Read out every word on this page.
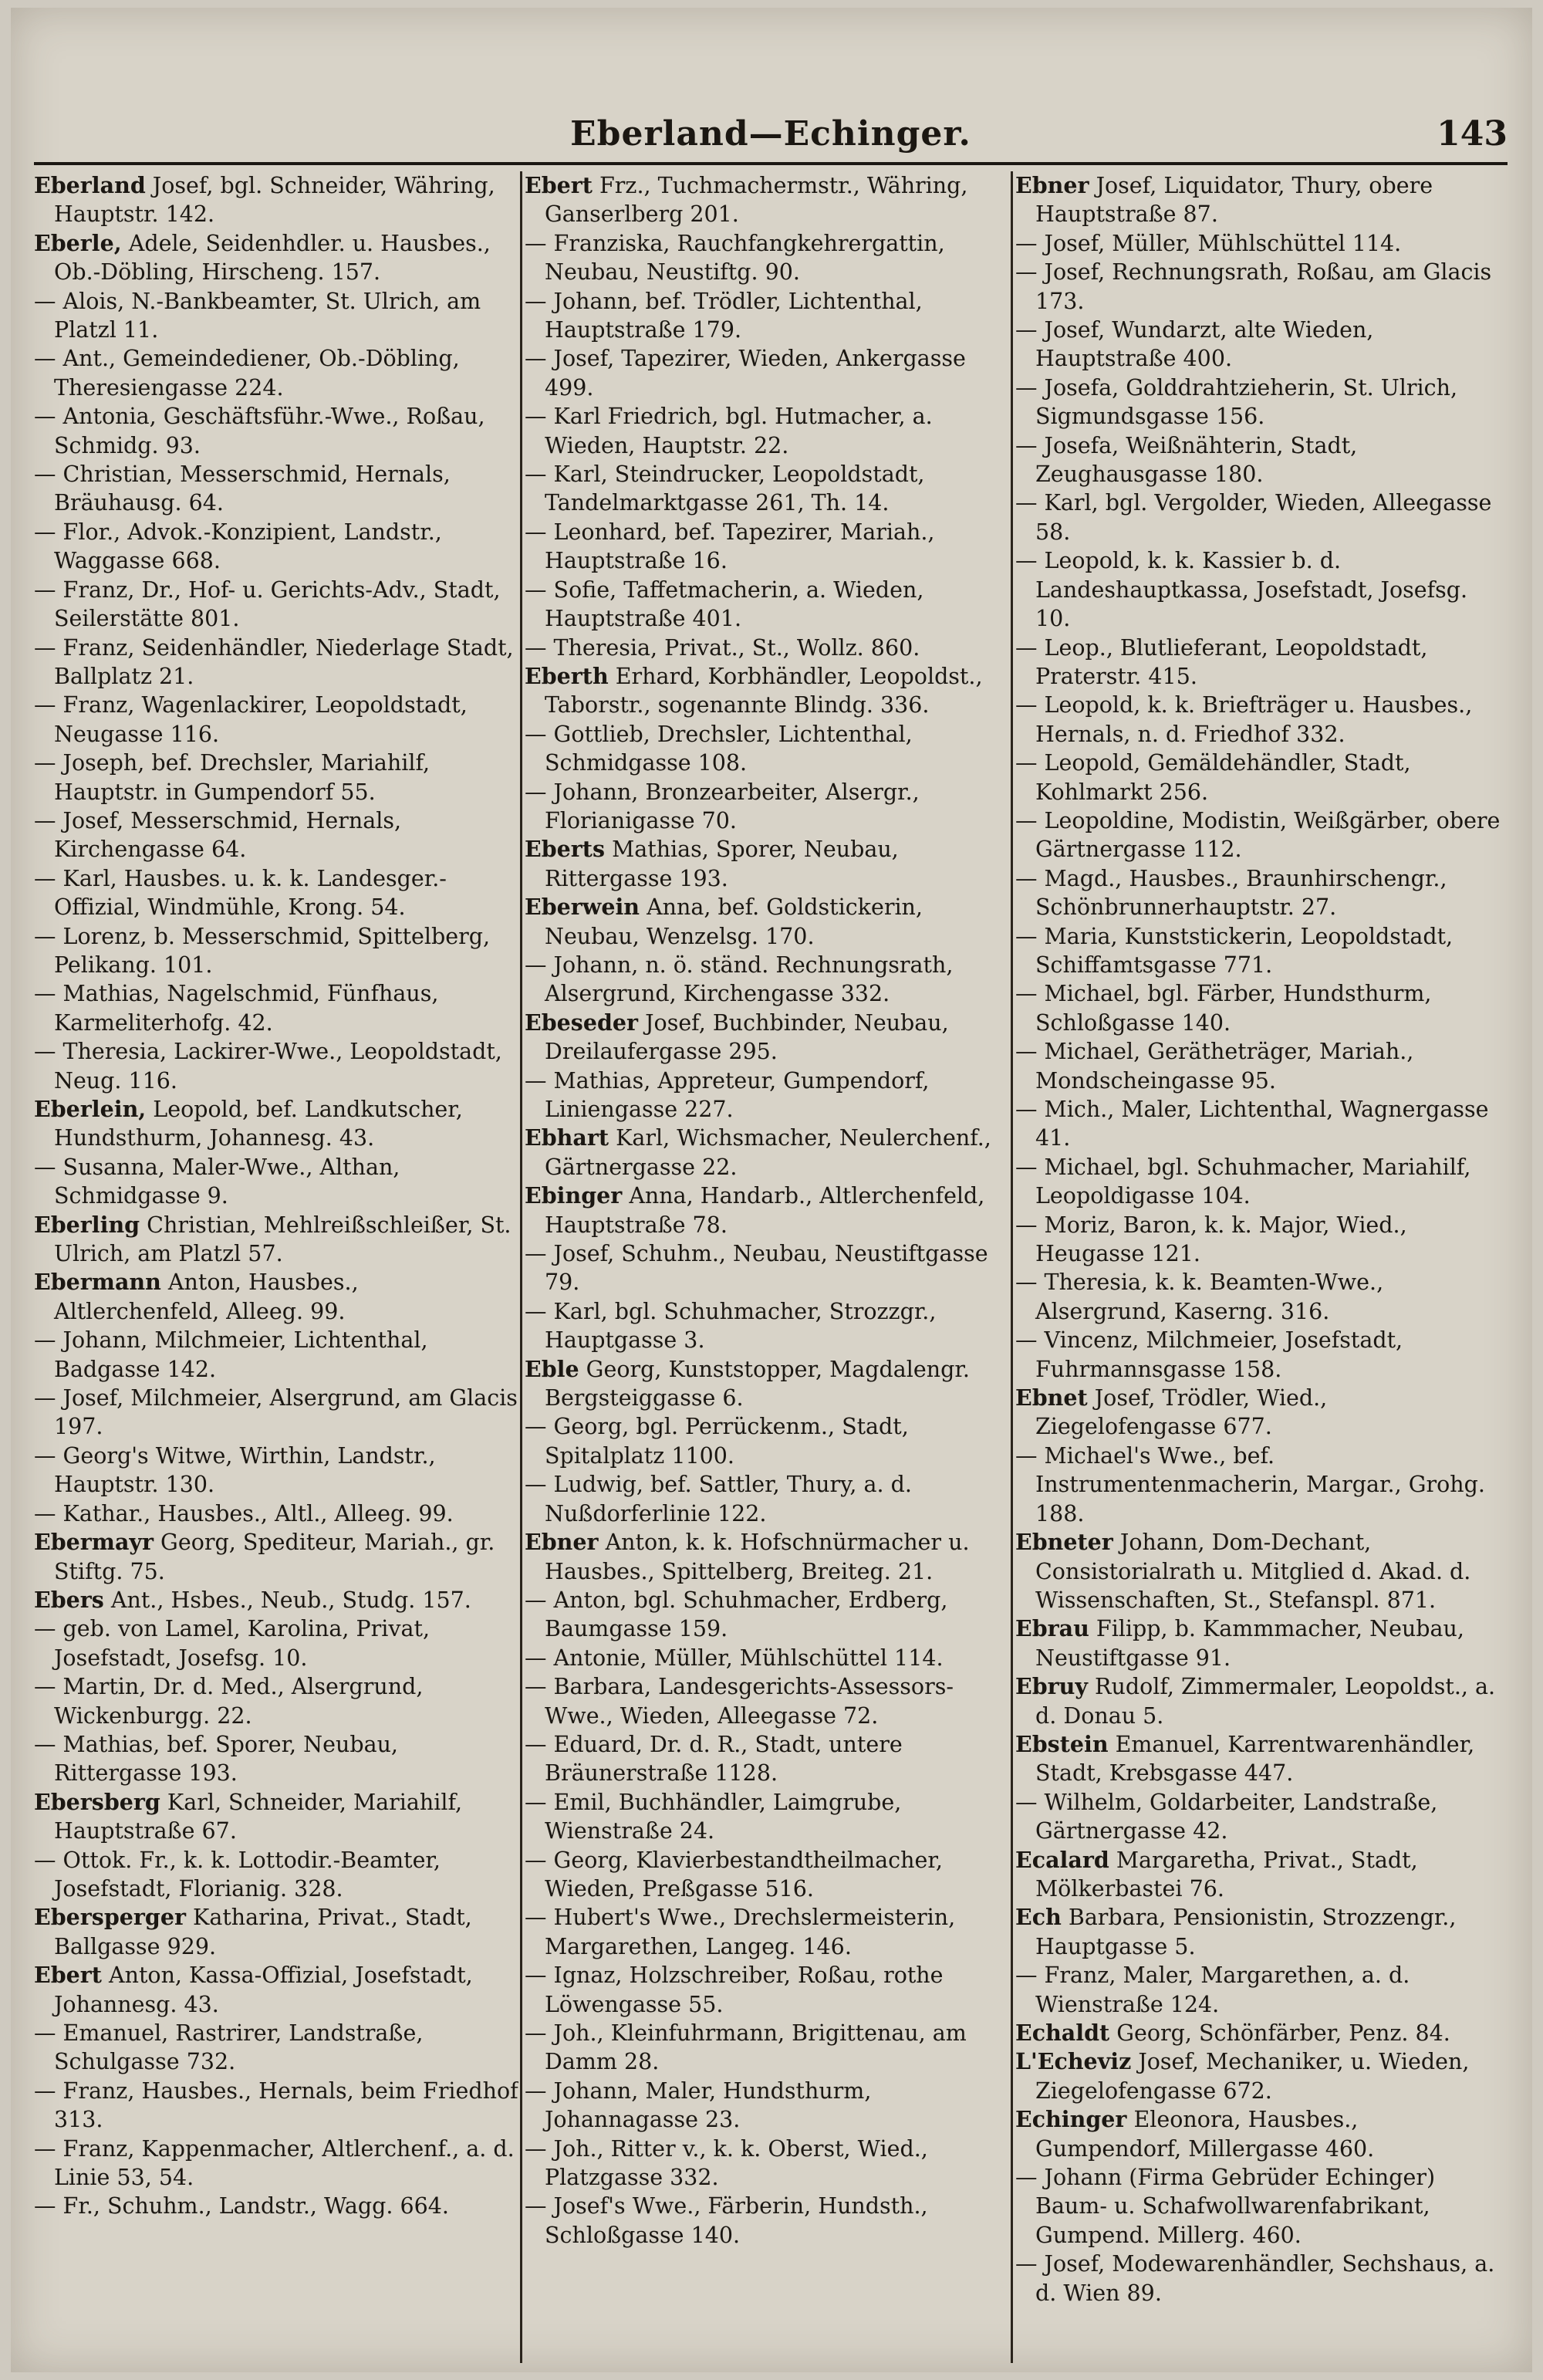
Eberland—Echinger.	143

Eberland Josef, bgl. Schneider, Währing, Hauptstr. 142.

Eberle, Adele, Seidenhdler. u. Hausbes., Ob.-Döbling, Hirscheng. 157.

— Alois, N.-Bankbeamter, St. Ulrich, am Platzl 11.

— Ant., Gemeindediener, Ob.-Döbling, Theresiengasse 224.

— Antonia, Geschäftsführ.-Wwe., Roßau, Schmidg. 93.

— Christian, Messerschmid, Hernals, Bräuhausg. 64.

— Flor., Advok.-Konzipient, Landstr., Waggasse 668.

— Franz, Dr., Hof- u. Gerichts-Adv., Stadt, Seilerstätte 801.

— Franz, Seidenhändler, Niederlage Stadt, Ballplatz 21.

— Franz, Wagenlackirer, Leopoldstadt, Neugasse 116.

— Joseph, bef. Drechsler, Mariahilf, Hauptstr. in Gumpendorf 55.

— Josef, Messerschmid, Hernals, Kirchengasse 64.

— Karl, Hausbes. u. k. k. Landesger.-Offizial, Windmühle, Krong. 54.

— Lorenz, b. Messerschmid, Spittelberg, Pelikang. 101.

— Mathias, Nagelschmid, Fünfhaus, Karmeliterhofg. 42.

— Theresia, Lackirer-Wwe., Leopoldstadt, Neug. 116.

Eberlein, Leopold, bef. Landkutscher, Hundsthurm, Johannesg. 43.

— Susanna, Maler-Wwe., Althan, Schmidgasse 9.

Eberling Christian, Mehlreißschleißer, St. Ulrich, am Platzl 57.

Ebermann Anton, Hausbes., Altlerchenfeld, Alleeg. 99.

— Johann, Milchmeier, Lichtenthal, Badgasse 142.

— Josef, Milchmeier, Alsergrund, am Glacis 197.

— Georg's Witwe, Wirthin, Landstr., Hauptstr. 130.

— Kathar., Hausbes., Altl., Alleeg. 99.

Ebermayr Georg, Spediteur, Mariah., gr. Stiftg. 75.

Ebers Ant., Hsbes., Neub., Studg. 157.

— geb. von Lamel, Karolina, Privat, Josefstadt, Josefsg. 10.

— Martin, Dr. d. Med., Alsergrund, Wickenburgg. 22.

— Mathias, bef. Sporer, Neubau, Rittergasse 193.

Ebersberg Karl, Schneider, Mariahilf, Hauptstraße 67.

— Ottok. Fr., k. k. Lottodir.-Beamter, Josefstadt, Florianig. 328.

Ebersperger Katharina, Privat., Stadt, Ballgasse 929.

Ebert Anton, Kassa-Offizial, Josefstadt, Johannesg. 43.

— Emanuel, Rastrirer, Landstraße, Schulgasse 732.

— Franz, Hausbes., Hernals, beim Friedhof 313.

— Franz, Kappenmacher, Altlerchenf., a. d. Linie 53, 54.

— Fr., Schuhm., Landstr., Wagg. 664.

Ebert Frz., Tuchmachermstr., Währing, Ganserlberg 201.

— Franziska, Rauchfangkehrergattin, Neubau, Neustiftg. 90.

— Johann, bef. Trödler, Lichtenthal, Hauptstraße 179.

— Josef, Tapezirer, Wieden, Ankergasse 499.

— Karl Friedrich, bgl. Hutmacher, a. Wieden, Hauptstr. 22.

— Karl, Steindrucker, Leopoldstadt, Tandelmarktgasse 261, Th. 14.

— Leonhard, bef. Tapezirer, Mariah., Hauptstraße 16.

— Sofie, Taffetmacherin, a. Wieden, Hauptstraße 401.

— Theresia, Privat., St., Wollz. 860.

Eberth Erhard, Korbhändler, Leopoldst., Taborstr., sogenannte Blindg. 336.

— Gottlieb, Drechsler, Lichtenthal, Schmidgasse 108.

— Johann, Bronzearbeiter, Alsergr., Florianigasse 70.

Eberts Mathias, Sporer, Neubau, Rittergasse 193.

Eberwein Anna, bef. Goldstickerin, Neubau, Wenzelsg. 170.

— Johann, n. ö. ständ. Rechnungsrath, Alsergrund, Kirchengasse 332.

Ebeseder Josef, Buchbinder, Neubau, Dreilaufergasse 295.

— Mathias, Appreteur, Gumpendorf, Liniengasse 227.

Ebhart Karl, Wichsmacher, Neulerchenf., Gärtnergasse 22.

Ebinger Anna, Handarb., Altlerchenfeld, Hauptstraße 78.

— Josef, Schuhm., Neubau, Neustiftgasse 79.

— Karl, bgl. Schuhmacher, Strozzgr., Hauptgasse 3.

Eble Georg, Kunststopper, Magdalengr. Bergsteiggasse 6.

— Georg, bgl. Perrückenm., Stadt, Spitalplatz 1100.

— Ludwig, bef. Sattler, Thury, a. d. Nußdorferlinie 122.

Ebner Anton, k. k. Hofschnürmacher u. Hausbes., Spittelberg, Breiteg. 21.

— Anton, bgl. Schuhmacher, Erdberg, Baumgasse 159.

— Antonie, Müller, Mühlschüttel 114.

— Barbara, Landesgerichts-Assessors-Wwe., Wieden, Alleegasse 72.

— Eduard, Dr. d. R., Stadt, untere Bräunerstraße 1128.

— Emil, Buchhändler, Laimgrube, Wienstraße 24.

— Georg, Klavierbestandtheilmacher, Wieden, Preßgasse 516.

— Hubert's Wwe., Drechslermeisterin, Margarethen, Langeg. 146.

— Ignaz, Holzschreiber, Roßau, rothe Löwengasse 55.

— Joh., Kleinfuhrmann, Brigittenau, am Damm 28.

— Johann, Maler, Hundsthurm, Johannagasse 23.

— Joh., Ritter v., k. k. Oberst, Wied., Platzgasse 332.

— Josef's Wwe., Färberin, Hundsth., Schloßgasse 140.

Ebner Josef, Liquidator, Thury, obere Hauptstraße 87.

— Josef, Müller, Mühlschüttel 114.

— Josef, Rechnungsrath, Roßau, am Glacis 173.

— Josef, Wundarzt, alte Wieden, Hauptstraße 400.

— Josefa, Golddrahtzieherin, St. Ulrich, Sigmundsgasse 156.

— Josefa, Weißnähterin, Stadt, Zeughausgasse 180.

— Karl, bgl. Vergolder, Wieden, Alleegasse 58.

— Leopold, k. k. Kassier b. d. Landeshauptkassa, Josefstadt, Josefsg. 10.

— Leop., Blutlieferant, Leopoldstadt, Praterstr. 415.

— Leopold, k. k. Briefträger u. Hausbes., Hernals, n. d. Friedhof 332.

— Leopold, Gemäldehändler, Stadt, Kohlmarkt 256.

— Leopoldine, Modistin, Weißgärber, obere Gärtnergasse 112.

— Magd., Hausbes., Braunhirschengr., Schönbrunnerhauptstr. 27.

— Maria, Kunststickerin, Leopoldstadt, Schiffamtsgasse 771.

— Michael, bgl. Färber, Hundsthurm, Schloßgasse 140.

— Michael, Gerätheträger, Mariah., Mondscheingasse 95.

— Mich., Maler, Lichtenthal, Wagnergasse 41.

— Michael, bgl. Schuhmacher, Mariahilf, Leopoldigasse 104.

— Moriz, Baron, k. k. Major, Wied., Heugasse 121.

— Theresia, k. k. Beamten-Wwe., Alsergrund, Kaserng. 316.

— Vincenz, Milchmeier, Josefstadt, Fuhrmannsgasse 158.

Ebnet Josef, Trödler, Wied., Ziegelofengasse 677.

— Michael's Wwe., bef. Instrumentenmacherin, Margar., Grohg. 188.

Ebneter Johann, Dom-Dechant, Consistorialrath u. Mitglied d. Akad. d. Wissenschaften, St., Stefanspl. 871.

Ebrau Filipp, b. Kammmacher, Neubau, Neustiftgasse 91.

Ebruy Rudolf, Zimmermaler, Leopoldst., a. d. Donau 5.

Ebstein Emanuel, Karrentwarenhändler, Stadt, Krebsgasse 447.

— Wilhelm, Goldarbeiter, Landstraße, Gärtnergasse 42.

Ecalard Margaretha, Privat., Stadt, Mölkerbastei 76.

Ech Barbara, Pensionistin, Strozzengr., Hauptgasse 5.

— Franz, Maler, Margarethen, a. d. Wienstraße 124.

Echaldt Georg, Schönfärber, Penz. 84.

L'Echeviz Josef, Mechaniker, u. Wieden, Ziegelofengasse 672.

Echinger Eleonora, Hausbes., Gumpendorf, Millergasse 460.

— Johann (Firma Gebrüder Echinger) Baum- u. Schafwollwarenfabrikant, Gumpend. Millerg. 460.

— Josef, Modewarenhändler, Sechshaus, a. d. Wien 89.
